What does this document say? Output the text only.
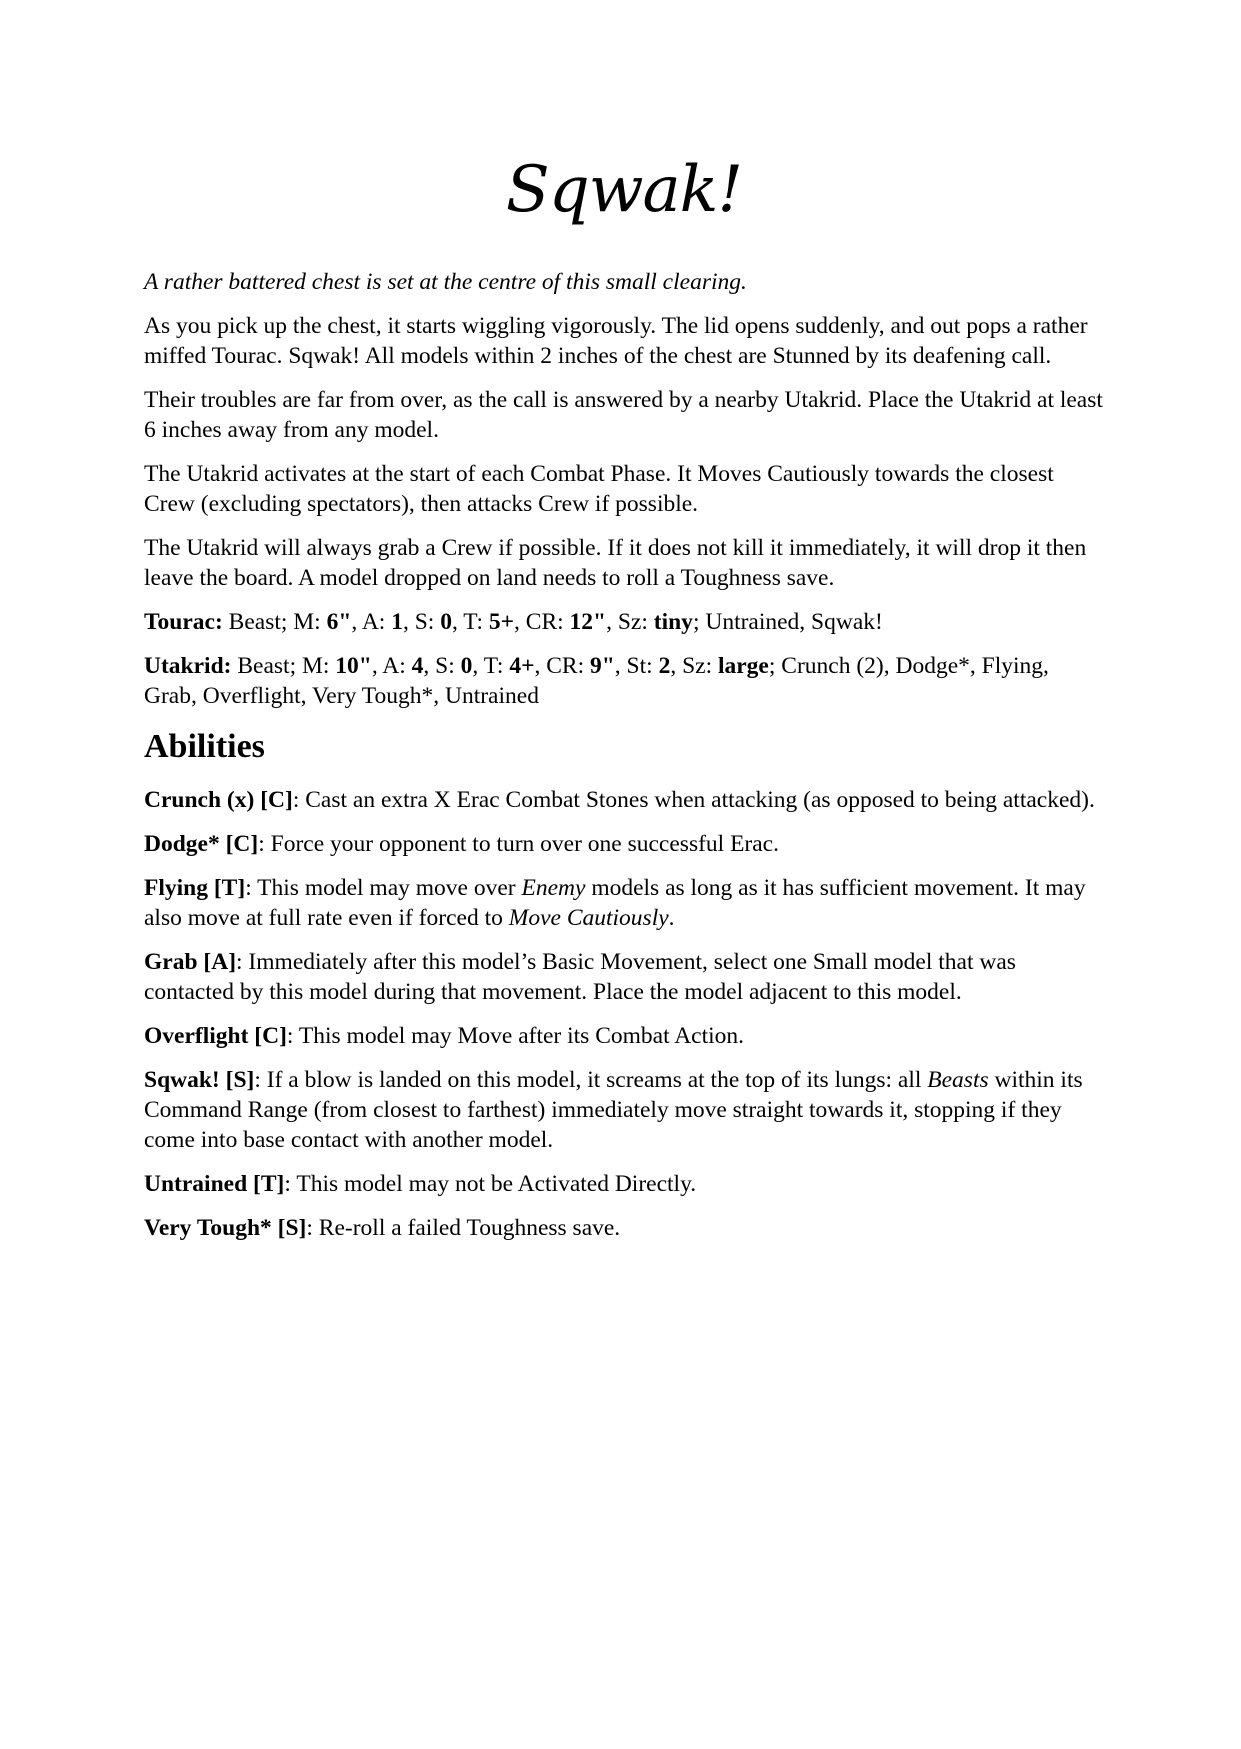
Sqwak!

A rather battered chest is set at the centre of this small clearing.

As you pick up the chest, it starts wiggling vigorously. The lid opens suddenly, and out pops a rather miffed Tourac. Sqwak! All models within 2 inches of the chest are Stunned by its deafening call.

Their troubles are far from over, as the call is answered by a nearby Utakrid. Place the Utakrid at least 6 inches away from any model.

The Utakrid activates at the start of each Combat Phase. It Moves Cautiously towards the closest Crew (excluding spectators), then attacks Crew if possible.

The Utakrid will always grab a Crew if possible. If it does not kill it immediately, it will drop it then leave the board. A model dropped on land needs to roll a Toughness save.

Tourac: Beast; M: 6", A: 1, S: 0, T: 5+, CR: 12", Sz: tiny; Untrained, Sqwak!

Utakrid: Beast; M: 10", A: 4, S: 0, T: 4+, CR: 9", St: 2, Sz: large; Crunch (2), Dodge*, Flying, Grab, Overflight, Very Tough*, Untrained

Abilities

Crunch (x) [C]: Cast an extra X Erac Combat Stones when attacking (as opposed to being attacked).

Dodge* [C]: Force your opponent to turn over one successful Erac.

Flying [T]: This model may move over Enemy models as long as it has sufficient movement. It may also move at full rate even if forced to Move Cautiously.

Grab [A]: Immediately after this model’s Basic Movement, select one Small model that was contacted by this model during that movement. Place the model adjacent to this model.

Overflight [C]: This model may Move after its Combat Action.

Sqwak! [S]: If a blow is landed on this model, it screams at the top of its lungs: all Beasts within its Command Range (from closest to farthest) immediately move straight towards it, stopping if they come into base contact with another model.

Untrained [T]: This model may not be Activated Directly.

Very Tough* [S]: Re-roll a failed Toughness save.
